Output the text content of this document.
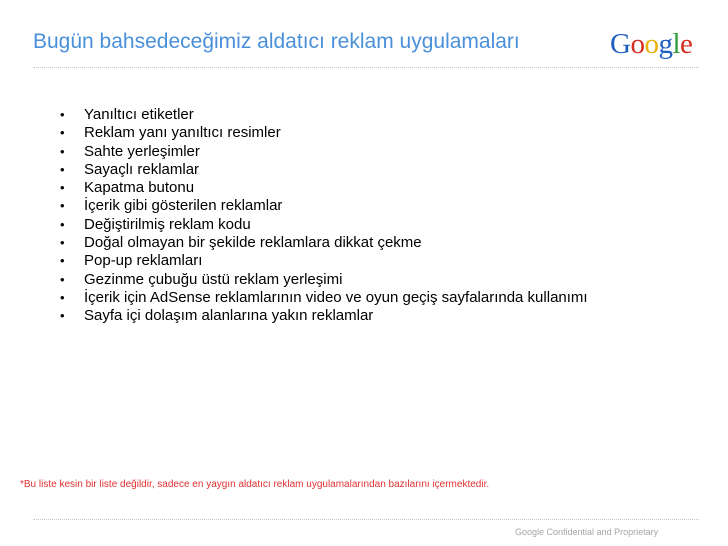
Bugün bahsedeceğimiz aldatıcı reklam uygulamaları	Google
• Yanıltıcı etiketler
• Reklam yanı yanıltıcı resimler
• Sahte yerleşimler
• Sayaçlı reklamlar
• Kapatma butonu
• İçerik gibi gösterilen reklamlar
• Değiştirilmiş reklam kodu
• Doğal olmayan bir şekilde reklamlara dikkat çekme
• Pop-up reklamları
• Gezinme çubuğu üstü reklam yerleşimi
• İçerik için AdSense reklamlarının video ve oyun geçiş sayfalarında kullanımı
• Sayfa içi dolaşım alanlarına yakın reklamlar
*Bu liste kesin bir liste değildir, sadece en yaygın aldatıcı reklam uygulamalarından bazılarını içermektedir.
Google Confidential and Proprietary
